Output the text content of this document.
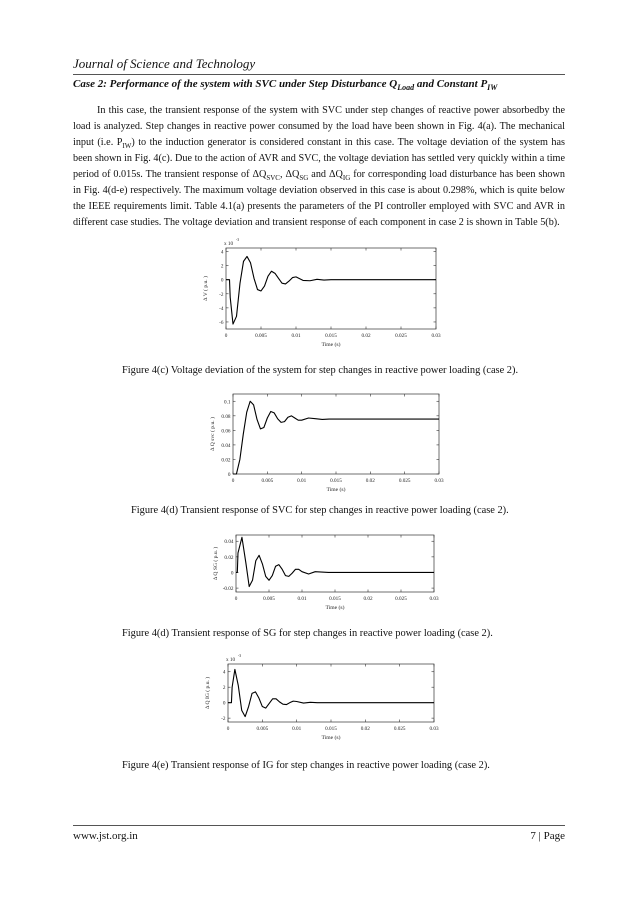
Journal of Science and Technology
Case 2: Performance of the system with SVC under Step Disturbance $Q_{Load}$ and Constant $P_{IW}$

In this case, the transient response of the system with SVC under step changes of reactive power absorbedby the load is analyzed. Step changes in reactive power consumed by the load have been shown in Fig. 4(a). The mechanical input (i.e. $P_{IW}$) to the induction generator is considered constant in this case. The voltage deviation of the system has been shown in Fig. 4(c). Due to the action of AVR and SVC, the voltage deviation has settled very quickly within a time period of 0.015s. The transient response of $\Delta Q_{SVC}$, $\Delta Q_{SG}$ and $\Delta Q_{IG}$ for corresponding load disturbance has been shown in Fig. 4(d-e) respectively. The maximum voltage deviation observed in this case is about 0.298%, which is quite below the IEEE requirements limit. Table 4.1(a) presents the parameters of the PI controller employed with SVC and AVR in different case studies. The voltage deviation and transient response of each component in case 2 is shown in Table 5(b).

0	0.005	0.01	0.015	0.02	0.025	0.03
-6
-4
-2
0
2
4
Time (s)
Δ V ( p.u. )
x 10
-3
Figure 4(c) Voltage deviation of the system for step changes in reactive power loading (case 2).
0	0.005	0.01	0.015	0.02	0.025	0.03
0
0.02
0.04
0.06
0.08
0.1
Time (s)
Δ Q svc ( p.u. )
Figure 4(d) Transient response of SVC for step changes in reactive power loading (case 2).
0	0.005	0.01	0.015	0.02	0.025	0.03
-0.02
0
0.02
0.04
Time (s)
Δ Q SG ( p.u. )
Figure 4(d) Transient response of SG for step changes in reactive power loading (case 2).
0	0.005	0.01	0.015	0.02	0.025	0.03
-2
0
2
4
Time (s)
Δ Q IG ( p.u. )
x 10
-3
Figure 4(e) Transient response of IG for step changes in reactive power loading (case 2).
www.jst.org.in	7 | Page
